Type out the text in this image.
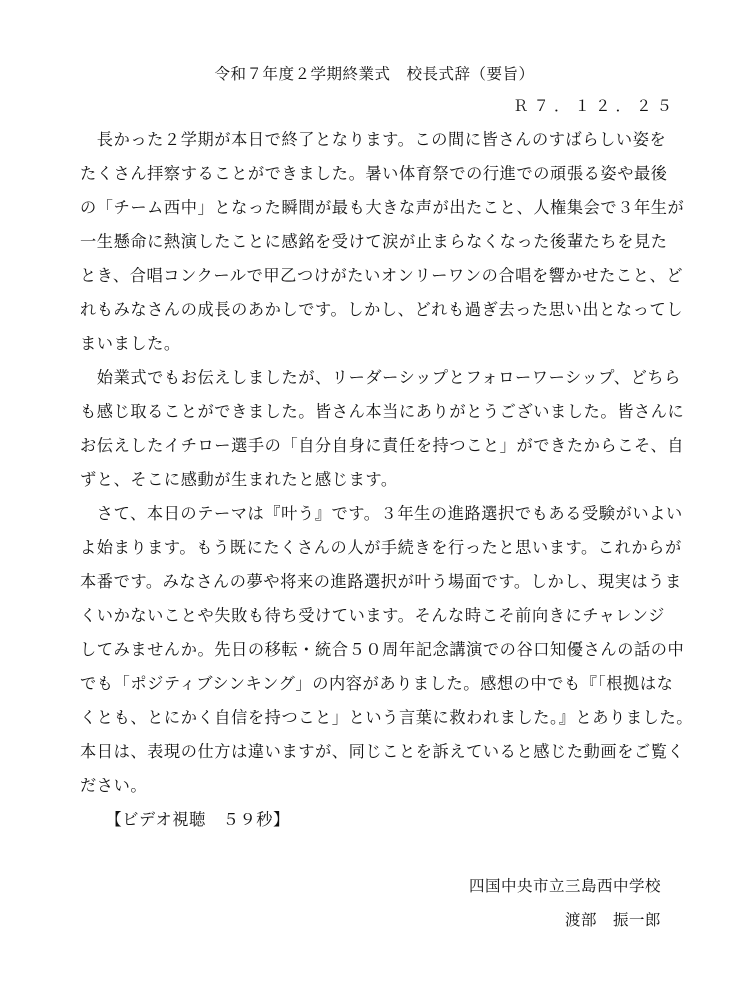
令和７年度２学期終業式　校長式辞（要旨）
Ｒ７．１２．２５
　長かった２学期が本日で終了となります。この間に皆さんのすばらしい姿を
たくさん拝察することができました。暑い体育祭での行進での頑張る姿や最後
の「チーム西中」となった瞬間が最も大きな声が出たこと、人権集会で３年生が
一生懸命に熱演したことに感銘を受けて涙が止まらなくなった後輩たちを見た
とき、合唱コンクールで甲乙つけがたいオンリーワンの合唱を響かせたこと、ど
れもみなさんの成長のあかしです。しかし、どれも過ぎ去った思い出となってし
まいました。
　始業式でもお伝えしましたが、リーダーシップとフォローワーシップ、どちら
も感じ取ることができました。皆さん本当にありがとうございました。皆さんに
お伝えしたイチロー選手の「自分自身に責任を持つこと」ができたからこそ、自
ずと、そこに感動が生まれたと感じます。
　さて、本日のテーマは『叶う』です。３年生の進路選択でもある受験がいよい
よ始まります。もう既にたくさんの人が手続きを行ったと思います。これからが
本番です。みなさんの夢や将来の進路選択が叶う場面です。しかし、現実はうま
くいかないことや失敗も待ち受けています。そんな時こそ前向きにチャレンジ
してみませんか。先日の移転・統合５０周年記念講演での谷口知優さんの話の中
でも「ポジティブシンキング」の内容がありました。感想の中でも『「根拠はな
くとも、とにかく自信を持つこと」という言葉に救われました。』とありました。
本日は、表現の仕方は違いますが、同じことを訴えていると感じた動画をご覧く
ださい。
　　【ビデオ視聴　５９秒】
四国中央市立三島西中学校
渡部　振一郎
